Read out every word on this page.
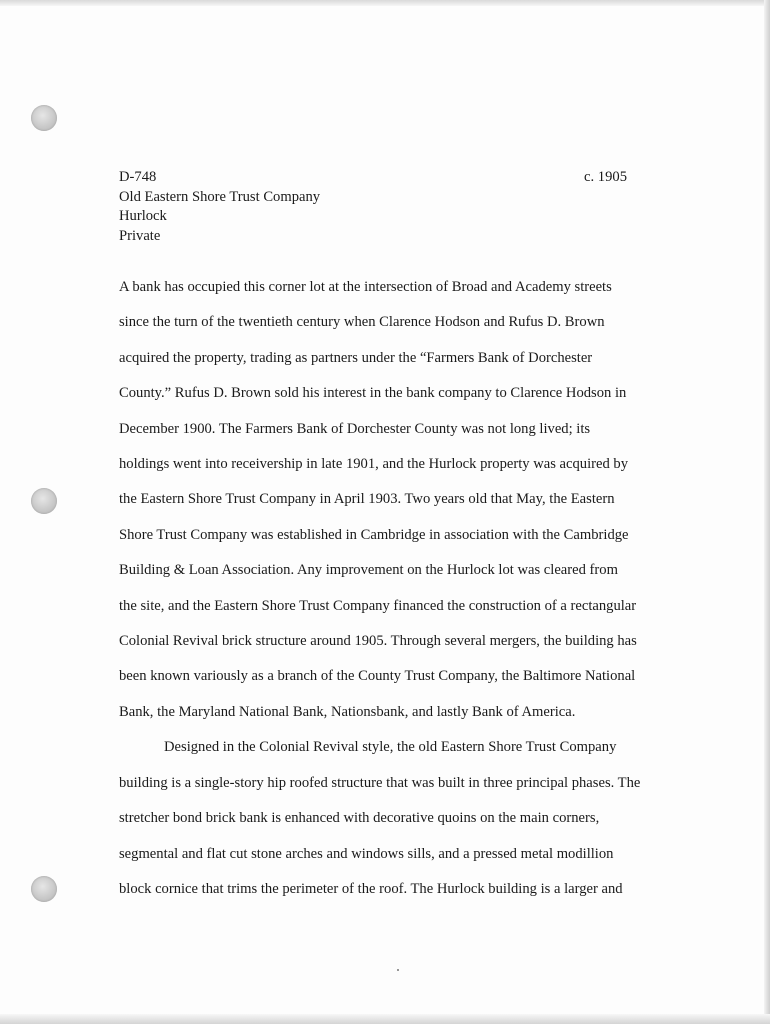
D-748
Old Eastern Shore Trust Company
Hurlock
Private
c. 1905
A bank has occupied this corner lot at the intersection of Broad and Academy streets
since the turn of the twentieth century when Clarence Hodson and Rufus D. Brown
acquired the property, trading as partners under the “Farmers Bank of Dorchester
County.” Rufus D. Brown sold his interest in the bank company to Clarence Hodson in
December 1900. The Farmers Bank of Dorchester County was not long lived; its
holdings went into receivership in late 1901, and the Hurlock property was acquired by
the Eastern Shore Trust Company in April 1903. Two years old that May, the Eastern
Shore Trust Company was established in Cambridge in association with the Cambridge
Building & Loan Association. Any improvement on the Hurlock lot was cleared from
the site, and the Eastern Shore Trust Company financed the construction of a rectangular
Colonial Revival brick structure around 1905. Through several mergers, the building has
been known variously as a branch of the County Trust Company, the Baltimore National
Bank, the Maryland National Bank, Nationsbank, and lastly Bank of America.
Designed in the Colonial Revival style, the old Eastern Shore Trust Company
building is a single-story hip roofed structure that was built in three principal phases. The
stretcher bond brick bank is enhanced with decorative quoins on the main corners,
segmental and flat cut stone arches and windows sills, and a pressed metal modillion
block cornice that trims the perimeter of the roof. The Hurlock building is a larger and
